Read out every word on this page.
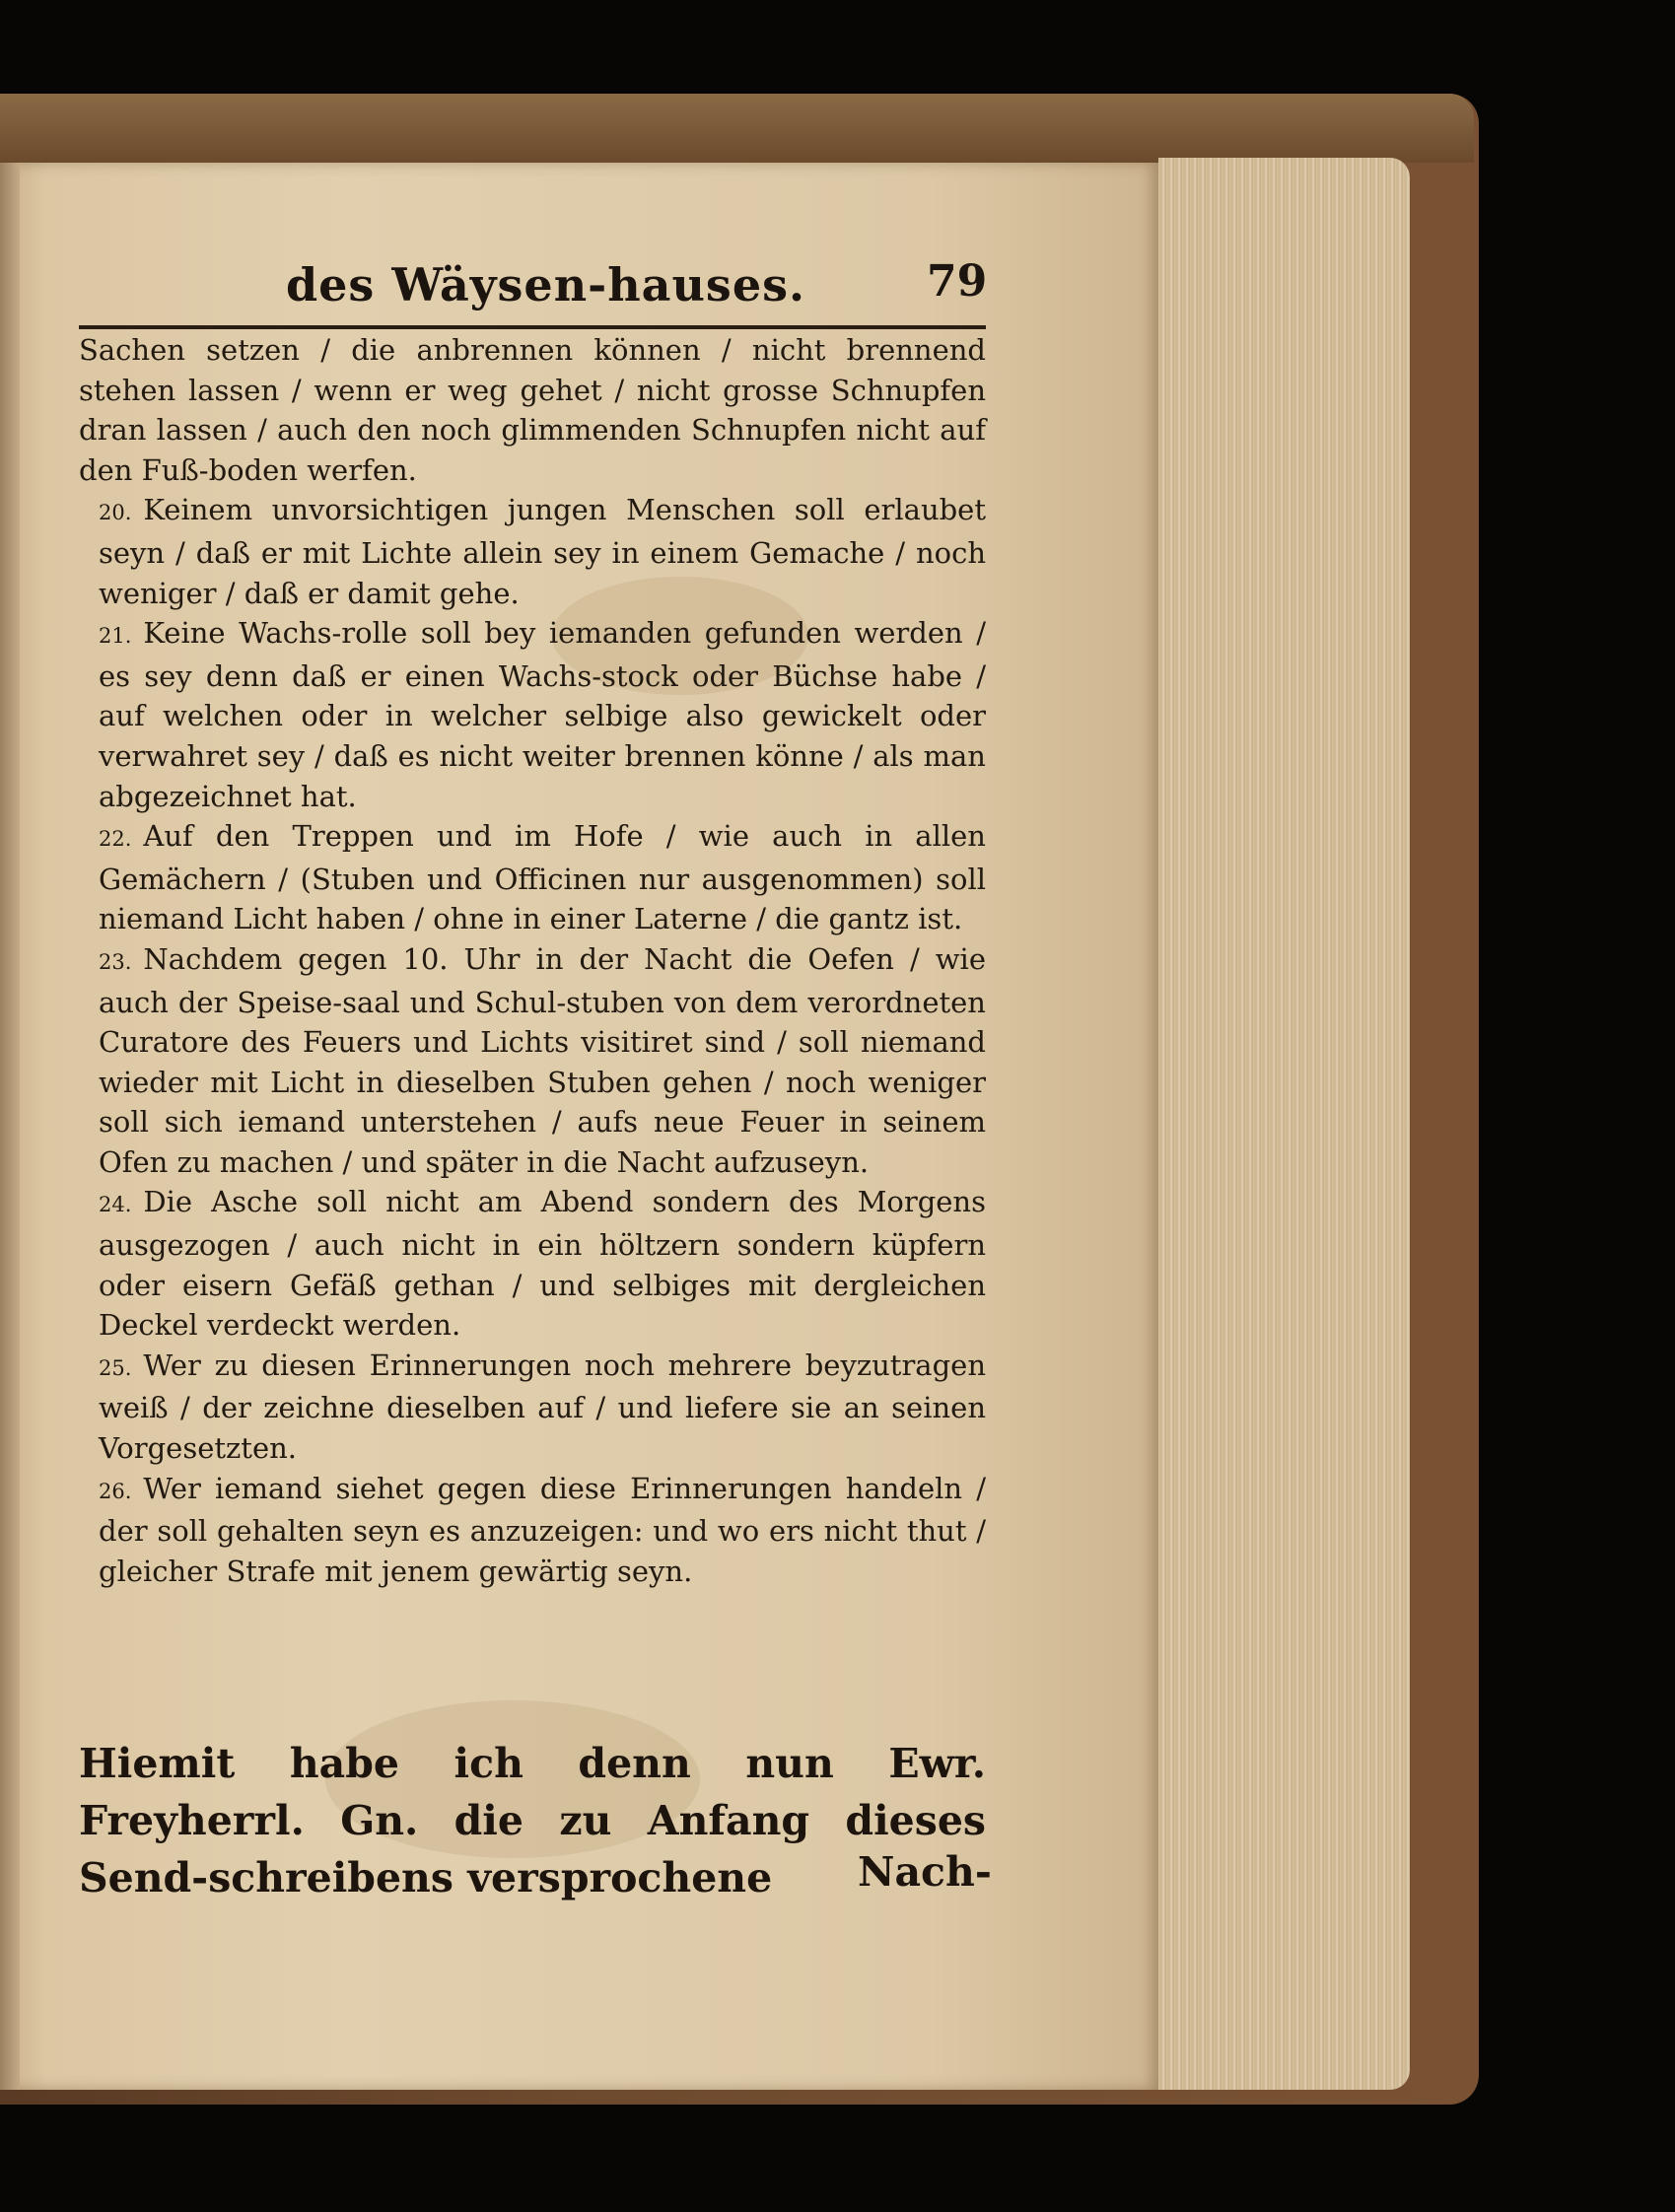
des Wäysen-hauses.	79

Sachen setzen / die anbrennen können / nicht brennend stehen lassen / wenn er weg gehet / nicht grosse Schnupfen dran lassen / auch den noch glimmenden Schnupfen nicht auf den Fuß-boden werfen.

20. Keinem unvorsichtigen jungen Menschen soll erlaubet seyn / daß er mit Lichte allein sey in einem Gemache / noch weniger / daß er damit gehe.

21. Keine Wachs-rolle soll bey iemanden gefunden werden / es sey denn daß er einen Wachs-stock oder Büchse habe / auf welchen oder in welcher selbige also gewickelt oder verwahret sey / daß es nicht weiter brennen könne / als man abgezeichnet hat.

22. Auf den Treppen und im Hofe / wie auch in allen Gemächern / (Stuben und Officinen nur ausgenommen) soll niemand Licht haben / ohne in einer Laterne / die gantz ist.

23. Nachdem gegen 10. Uhr in der Nacht die Oefen / wie auch der Speise-saal und Schul-stuben von dem verordneten Curatore des Feuers und Lichts visitiret sind / soll niemand wieder mit Licht in dieselben Stuben gehen / noch weniger soll sich iemand unterstehen / aufs neue Feuer in seinem Ofen zu machen / und später in die Nacht aufzuseyn.

24. Die Asche soll nicht am Abend sondern des Morgens ausgezogen / auch nicht in ein höltzern sondern küpfern oder eisern Gefäß gethan / und selbiges mit dergleichen Deckel verdeckt werden.

25. Wer zu diesen Erinnerungen noch mehrere beyzutragen weiß / der zeichne dieselben auf / und liefere sie an seinen Vorgesetzten.

26. Wer iemand siehet gegen diese Erinnerungen handeln / der soll gehalten seyn es anzuzeigen: und wo ers nicht thut / gleicher Strafe mit jenem gewärtig seyn.

Hiemit habe ich denn nun Ewr. Freyherrl. Gn. die zu Anfang dieses Send-schreibens versprochene	Nach-
